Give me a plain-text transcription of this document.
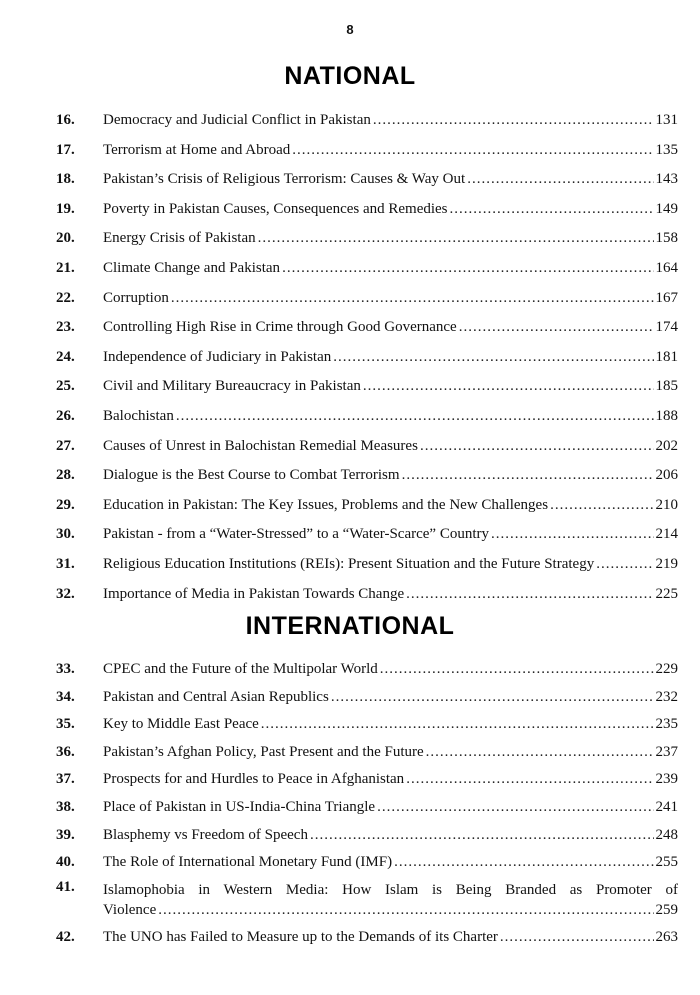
8
NATIONAL
16.	Democracy and Judicial Conflict in Pakistan .....	131
17.	Terrorism at Home and Abroad .....	135
18.	Pakistan’s Crisis of Religious Terrorism: Causes & Way Out .....	143
19.	Poverty in Pakistan Causes, Consequences and Remedies .....	149
20.	Energy Crisis of Pakistan .....	158
21.	Climate Change and Pakistan .....	164
22.	Corruption .....	167
23.	Controlling High Rise in Crime through Good Governance .....	174
24.	Independence of Judiciary in Pakistan .....	181
25.	Civil and Military Bureaucracy in Pakistan .....	185
26.	Balochistan .....	188
27.	Causes of Unrest in Balochistan Remedial Measures .....	202
28.	Dialogue is the Best Course to Combat Terrorism .....	206
29.	Education in Pakistan: The Key Issues, Problems and the New Challenges .....	210
30.	Pakistan - from a “Water-Stressed” to a “Water-Scarce” Country .....	214
31.	Religious Education Institutions (REIs): Present Situation and the Future Strategy .....	219
32.	Importance of Media in Pakistan Towards Change .....	225
INTERNATIONAL
33.	CPEC and the Future of the Multipolar World .....	229
34.	Pakistan and Central Asian Republics .....	232
35.	Key to Middle East Peace .....	235
36.	Pakistan’s Afghan Policy, Past Present and the Future .....	237
37.	Prospects for and Hurdles to Peace in Afghanistan .....	239
38.	Place of Pakistan in US-India-China Triangle .....	241
39.	Blasphemy vs Freedom of Speech .....	248
40.	The Role of International Monetary Fund (IMF) .....	255
41.	Islamophobia in Western Media: How Islam is Being Branded as Promoter of
Violence .....	259
42.	The UNO has Failed to Measure up to the Demands of its Charter .....	263
